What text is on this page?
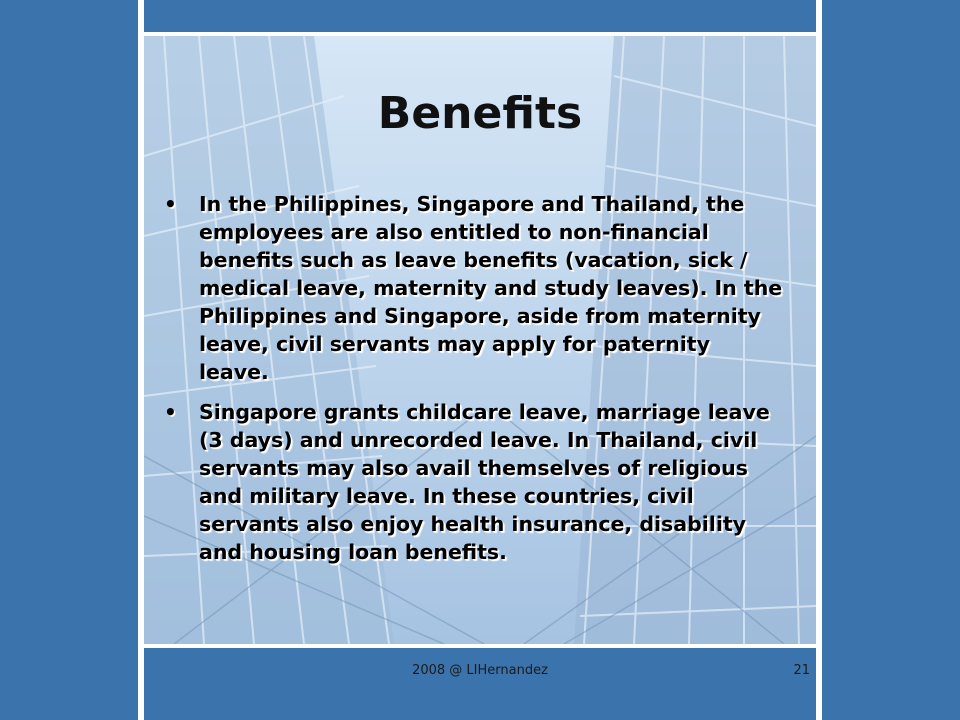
Benefits
• In the Philippines, Singapore and Thailand, the employees are also entitled to non-financial benefits such as leave benefits (vacation, sick / medical leave, maternity and study leaves). In the Philippines and Singapore, aside from maternity leave, civil servants may apply for paternity leave.
• Singapore grants childcare leave, marriage leave (3 days) and unrecorded leave. In Thailand, civil servants may also avail themselves of religious and military leave. In these countries, civil servants also enjoy health insurance, disability and housing loan benefits.
2008 @ LIHernandez	21
